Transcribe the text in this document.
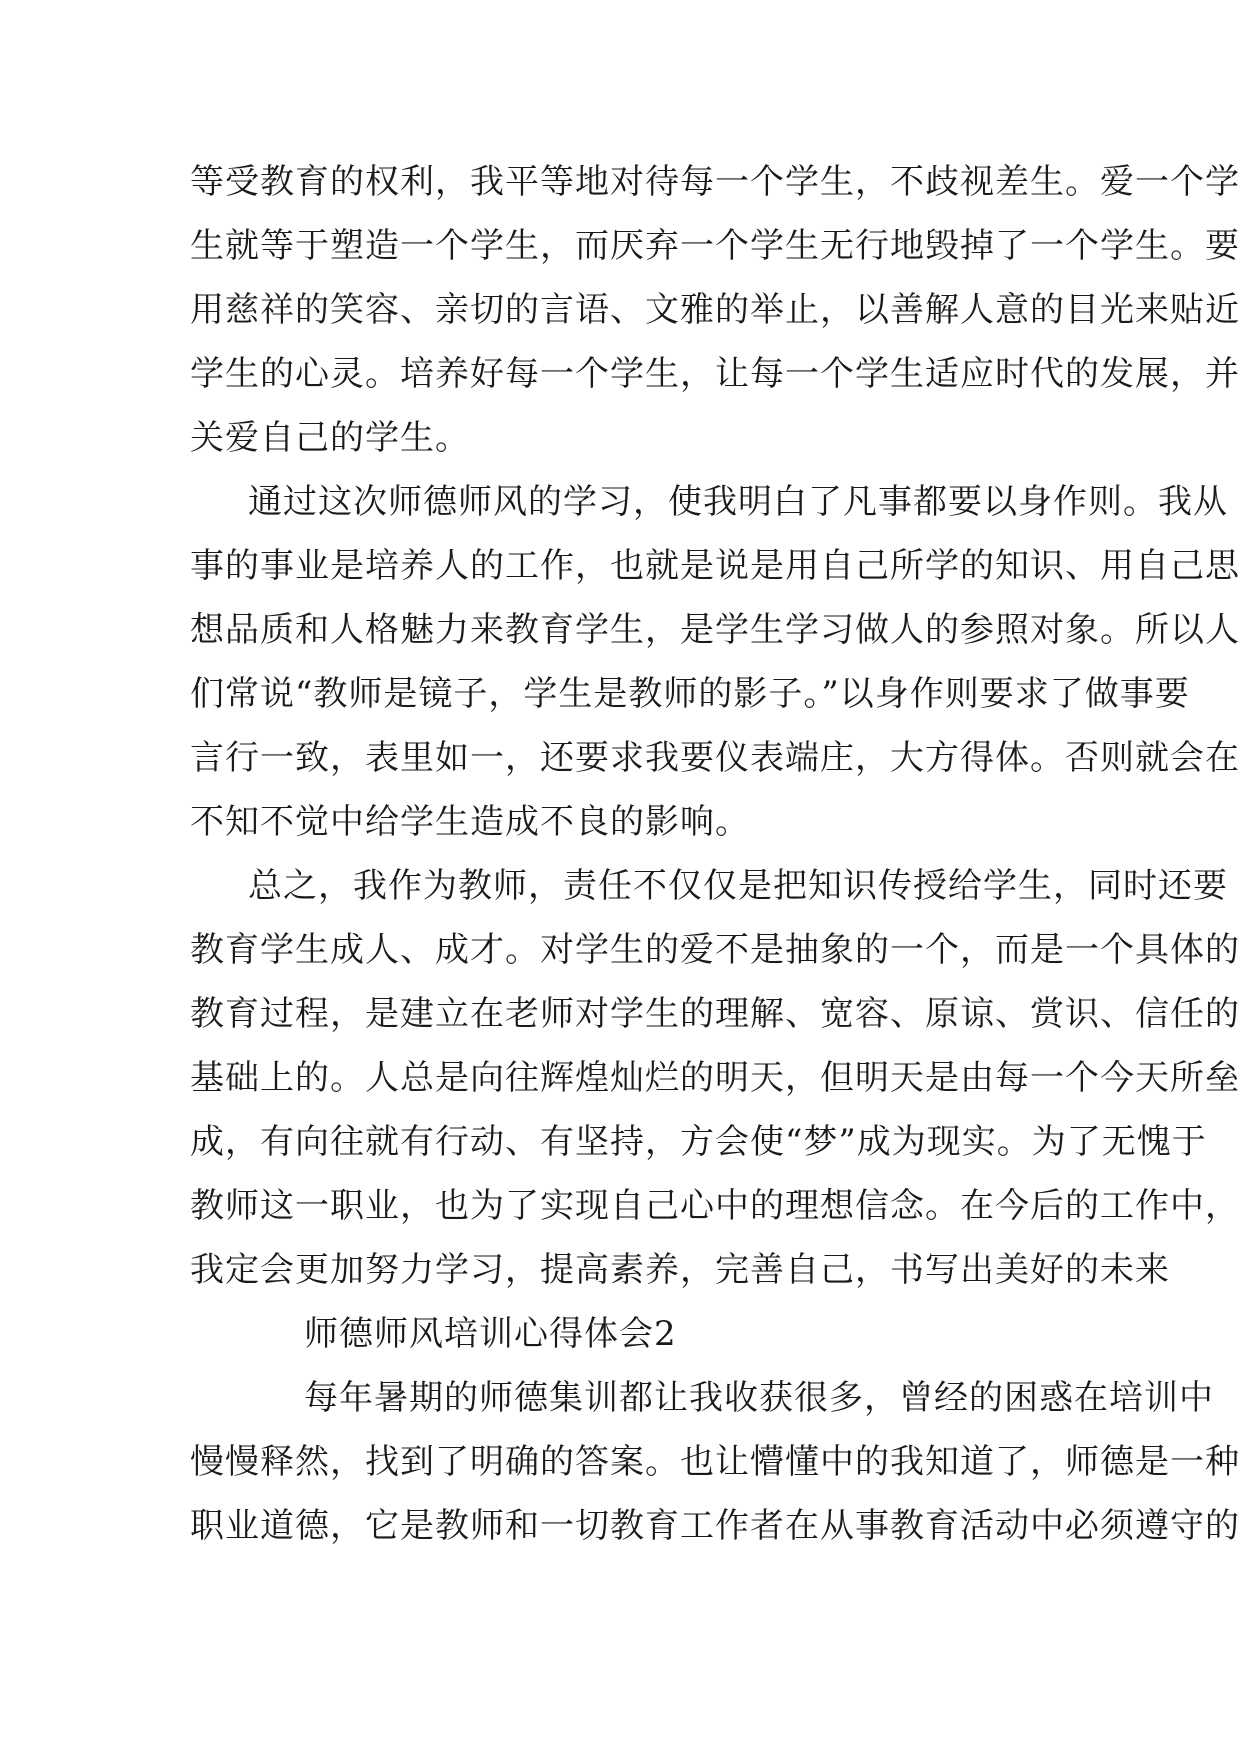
等受教育的权利，我平等地对待每一个学生，不歧视差生。爱一个学
生就等于塑造一个学生，而厌弃一个学生无行地毁掉了一个学生。要
用慈祥的笑容、亲切的言语、文雅的举止，以善解人意的目光来贴近
学生的心灵。培养好每一个学生，让每一个学生适应时代的发展，并
关爱自己的学生。
通过这次师德师风的学习，使我明白了凡事都要以身作则。我从
事的事业是培养人的工作，也就是说是用自己所学的知识、用自己思
想品质和人格魅力来教育学生，是学生学习做人的参照对象。所以人
们常说“教师是镜子，学生是教师的影子。”以身作则要求了做事要
言行一致，表里如一，还要求我要仪表端庄，大方得体。否则就会在
不知不觉中给学生造成不良的影响。
总之，我作为教师，责任不仅仅是把知识传授给学生，同时还要
教育学生成人、成才。对学生的爱不是抽象的一个，而是一个具体的
教育过程，是建立在老师对学生的理解、宽容、原谅、赏识、信任的
基础上的。人总是向往辉煌灿烂的明天，但明天是由每一个今天所垒
成，有向往就有行动、有坚持，方会使“梦”成为现实。为了无愧于
教师这一职业，也为了实现自己心中的理想信念。在今后的工作中，
我定会更加努力学习，提高素养，完善自己，书写出美好的未来
师德师风培训心得体会2
每年暑期的师德集训都让我收获很多，曾经的困惑在培训中
慢慢释然，找到了明确的答案。也让懵懂中的我知道了，师德是一种
职业道德，它是教师和一切教育工作者在从事教育活动中必须遵守的
